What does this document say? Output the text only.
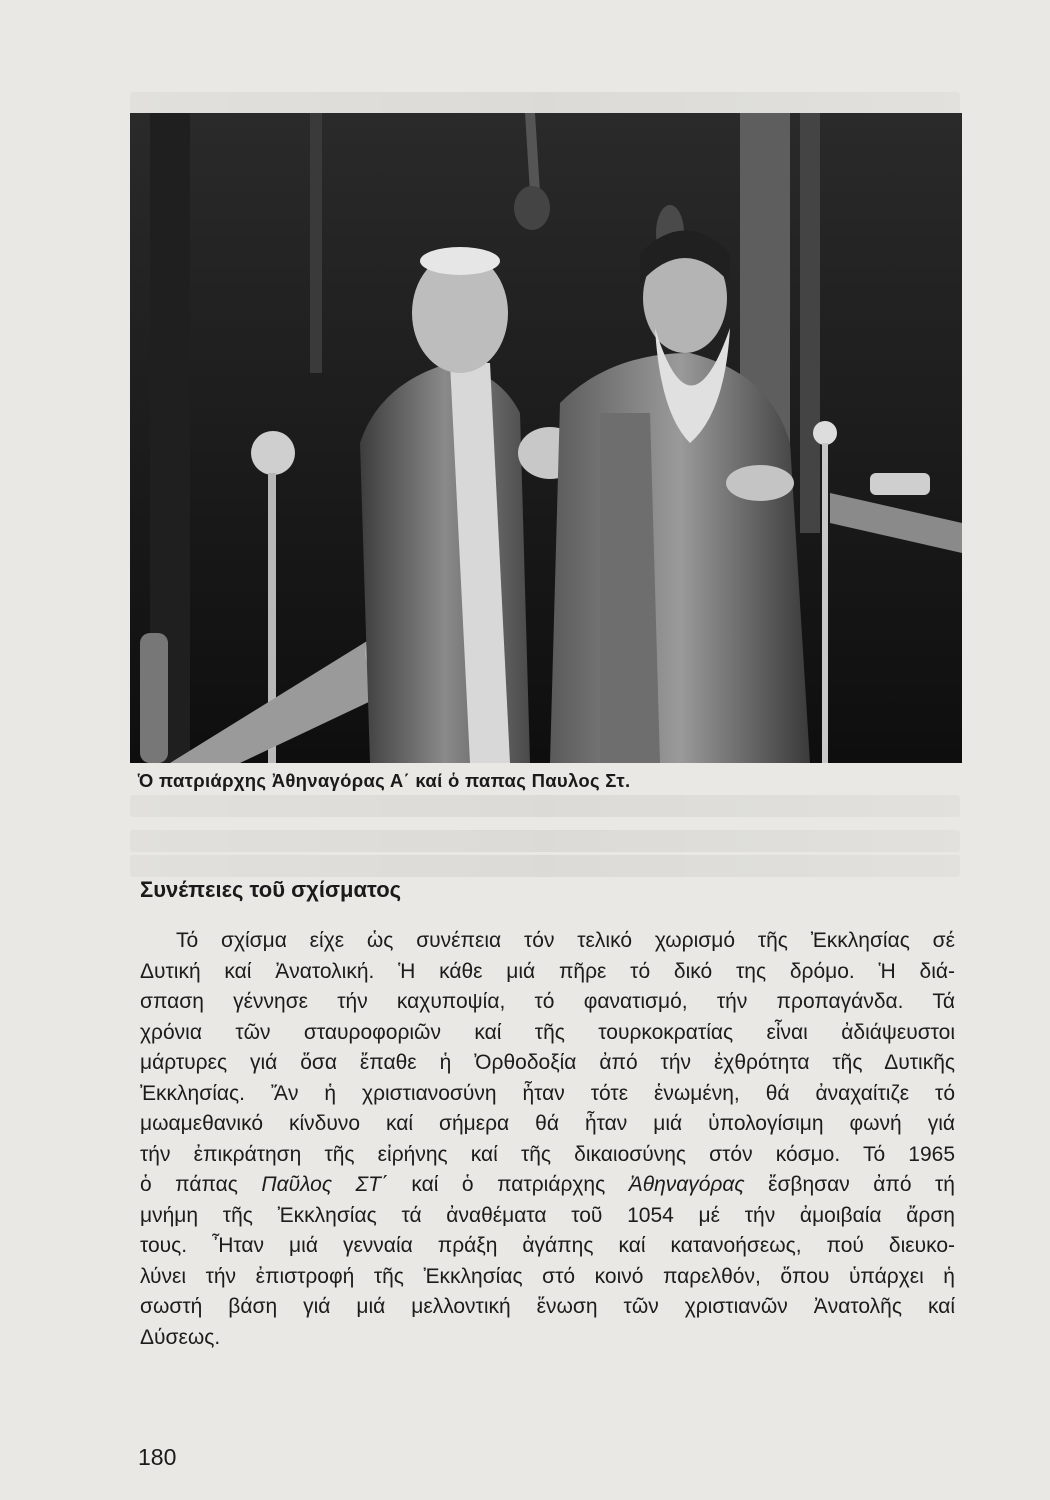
Ὁ πατριάρχης Ἀθηναγόρας Α΄ καί ὁ παπας Παυλος Στ.
Συνέπειες τοῦ σχίσματος
Τό σχίσμα είχε ὡς συνέπεια τόν τελικό χωρισμό τῆς Ἐκκλησίας σέ
Δυτική καί Ἀνατολική. Ἡ κάθε μιά πῆρε τό δικό της δρόμο. Ἡ διά-
σπαση γέννησε τήν καχυποψία, τό φανατισμό, τήν προπαγάνδα. Τά
χρόνια τῶν σταυροφοριῶν καί τῆς τουρκοκρατίας εἶναι ἀδιάψευστοι
μάρτυρες γιά ὅσα ἔπαθε ἡ Ὀρθοδοξία ἀπό τήν ἐχθρότητα τῆς Δυτικῆς
Ἐκκλησίας. Ἄν ἡ χριστιανοσύνη ἦταν τότε ἑνωμένη, θά ἀναχαίτιζε τό
μωαμεθανικό κίνδυνο καί σήμερα θά ἦταν μιά ὑπολογίσιμη φωνή γιά
τήν ἐπικράτηση τῆς εἰρήνης καί τῆς δικαιοσύνης στόν κόσμο. Τό 1965
ὁ πάπας Παῦλος ΣΤ΄ καί ὁ πατριάρχης Ἀθηναγόρας ἔσβησαν ἀπό τή
μνήμη τῆς Ἐκκλησίας τά ἀναθέματα τοῦ 1054 μέ τήν ἀμοιβαία ἄρση
τους. Ἦταν μιά γενναία πράξη ἀγάπης καί κατανοήσεως, πού διευκο-
λύνει τήν ἐπιστροφή τῆς Ἐκκλησίας στό κοινό παρελθόν, ὅπου ὑπάρχει ἡ
σωστή βάση γιά μιά μελλοντική ἕνωση τῶν χριστιανῶν Ἀνατολῆς καί
Δύσεως.
180
